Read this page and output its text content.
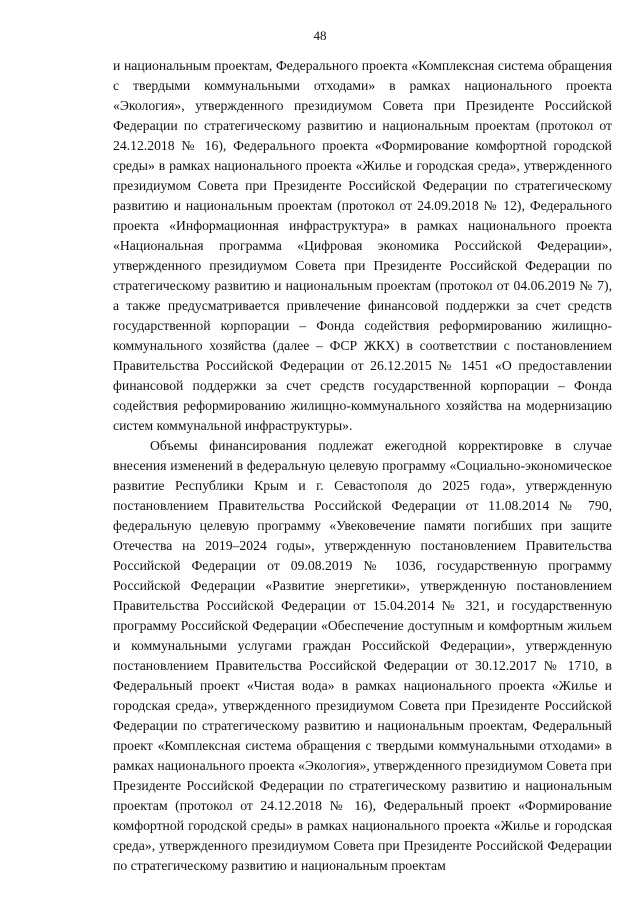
48

и национальным проектам, Федерального проекта «Комплексная система обращения с твердыми коммунальными отходами» в рамках национального проекта «Экология», утвержденного президиумом Совета при Президенте Российской Федерации по стратегическому развитию и национальным проектам (протокол от 24.12.2018 № 16), Федерального проекта «Формирование комфортной городской среды» в рамках национального проекта «Жилье и городская среда», утвержденного президиумом Совета при Президенте Российской Федерации по стратегическому развитию и национальным проектам (протокол от 24.09.2018 № 12), Федерального проекта «Информационная инфраструктура» в рамках национального проекта «Национальная программа «Цифровая экономика Российской Федерации», утвержденного президиумом Совета при Президенте Российской Федерации по стратегическому развитию и национальным проектам (протокол от 04.06.2019 № 7), а также предусматривается привлечение финансовой поддержки за счет средств государственной корпорации – Фонда содействия реформированию жилищно-коммунального хозяйства (далее – ФСР ЖКХ) в соответствии с постановлением Правительства Российской Федерации от 26.12.2015 № 1451 «О предоставлении финансовой поддержки за счет средств государственной корпорации – Фонда содействия реформированию жилищно-коммунального хозяйства на модернизацию систем коммунальной инфраструктуры».

Объемы финансирования подлежат ежегодной корректировке в случае внесения изменений в федеральную целевую программу «Социально-экономическое развитие Республики Крым и г. Севастополя до 2025 года», утвержденную постановлением Правительства Российской Федерации от 11.08.2014 № 790, федеральную целевую программу «Увековечение памяти погибших при защите Отечества на 2019–2024 годы», утвержденную постановлением Правительства Российской Федерации от 09.08.2019 № 1036, государственную программу Российской Федерации «Развитие энергетики», утвержденную постановлением Правительства Российской Федерации от 15.04.2014 № 321, и государственную программу Российской Федерации «Обеспечение доступным и комфортным жильем и коммунальными услугами граждан Российской Федерации», утвержденную постановлением Правительства Российской Федерации от 30.12.2017 № 1710, в Федеральный проект «Чистая вода» в рамках национального проекта «Жилье и городская среда», утвержденного президиумом Совета при Президенте Российской Федерации по стратегическому развитию и национальным проектам, Федеральный проект «Комплексная система обращения с твердыми коммунальными отходами» в рамках национального проекта «Экология», утвержденного президиумом Совета при Президенте Российской Федерации по стратегическому развитию и национальным проектам (протокол от 24.12.2018 № 16), Федеральный проект «Формирование комфортной городской среды» в рамках национального проекта «Жилье и городская среда», утвержденного президиумом Совета при Президенте Российской Федерации по стратегическому развитию и национальным проектам
